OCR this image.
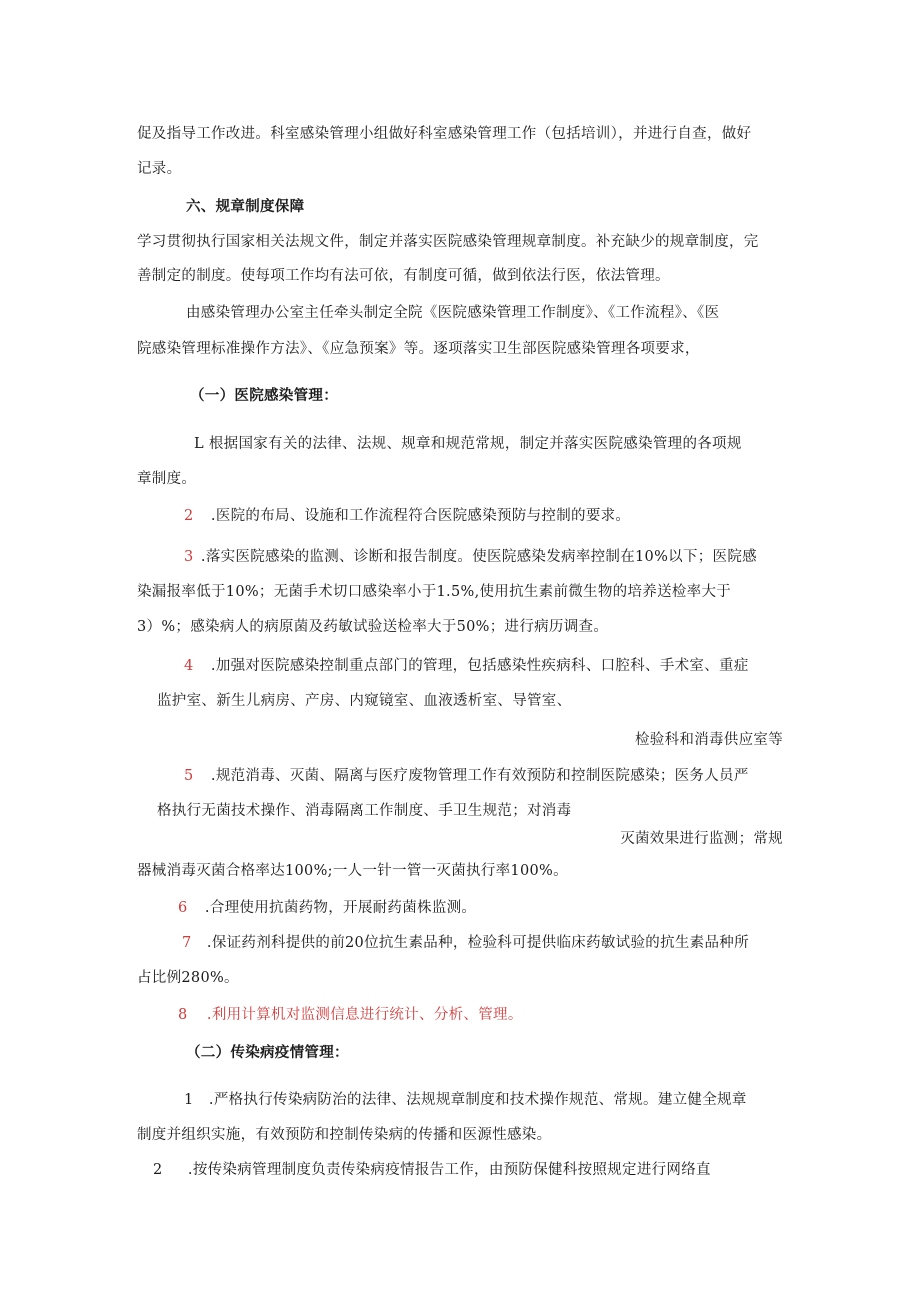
促及指导工作改进。科室感染管理小组做好科室感染管理工作（包括培训），并进行自查，做好
记录。
六、规章制度保障
学习贯彻执行国家相关法规文件，制定并落实医院感染管理规章制度。补充缺少的规章制度，完
善制定的制度。使每项工作均有法可依，有制度可循，做到依法行医，依法管理。
由感染管理办公室主任牵头制定全院《医院感染管理工作制度》、《工作流程》、《医
院感染管理标准操作方法》、《应急预案》等。逐项落实卫生部医院感染管理各项要求，
（一）医院感染管理：
L 根据国家有关的法律、法规、规章和规范常规，制定并落实医院感染管理的各项规
章制度。
2 .医院的布局、设施和工作流程符合医院感染预防与控制的要求。
3 .落实医院感染的监测、诊断和报告制度。使医院感染发病率控制在10%以下；医院感
染漏报率低于10%；无菌手术切口感染率小于1.5%,使用抗生素前微生物的培养送检率大于
3）%；感染病人的病原菌及药敏试验送检率大于50%；进行病历调查。
4 .加强对医院感染控制重点部门的管理，包括感染性疾病科、口腔科、手术室、重症
监护室、新生儿病房、产房、内窥镜室、血液透析室、导管室、
检验科和消毒供应室等
5 .规范消毒、灭菌、隔离与医疗废物管理工作有效预防和控制医院感染；医务人员严
格执行无菌技术操作、消毒隔离工作制度、手卫生规范；对消毒
灭菌效果进行监测；常规
器械消毒灭菌合格率达100%;一人一针一管一灭菌执行率100%。
6 .合理使用抗菌药物，开展耐药菌株监测。
7 .保证药剂科提供的前20位抗生素品种，检验科可提供临床药敏试验的抗生素品种所
占比例280%。
8 .利用计算机对监测信息进行统计、分析、管理。
（二）传染病疫情管理：
1 .严格执行传染病防治的法律、法规规章制度和技术操作规范、常规。建立健全规章
制度并组织实施，有效预防和控制传染病的传播和医源性感染。
2 .按传染病管理制度负责传染病疫情报告工作，由预防保健科按照规定进行网络直
